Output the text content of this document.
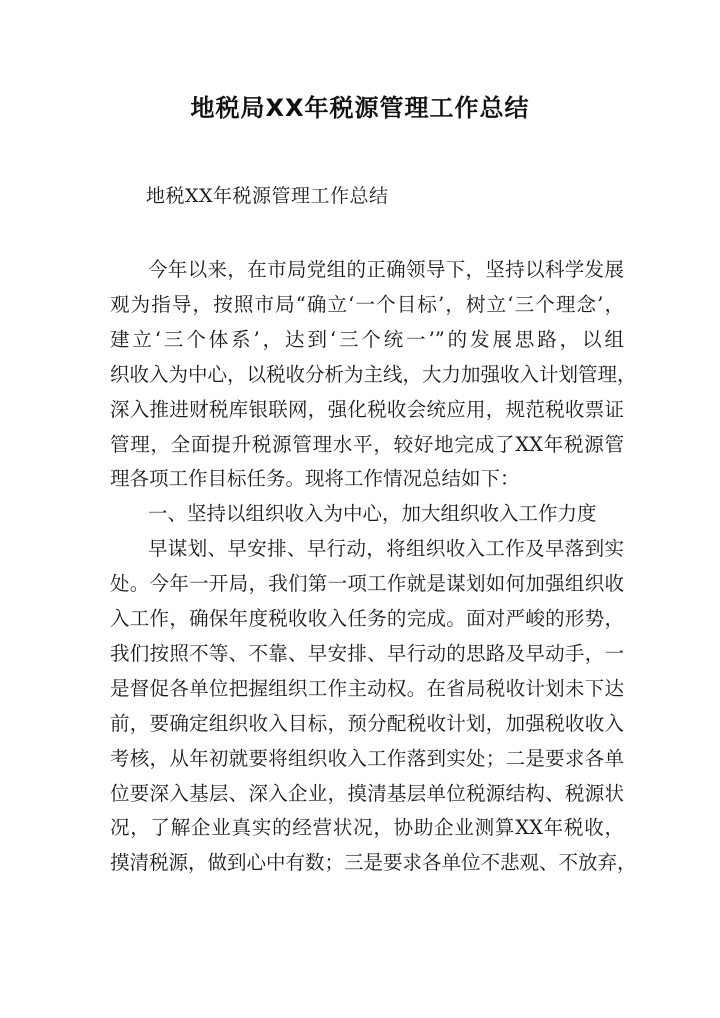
地税局XX年税源管理工作总结
地税XX年税源管理工作总结
今年以来，在市局党组的正确领导下，坚持以科学发展
观为指导，按照市局“确立‘一个目标’，树立‘三个理念’，
建立‘三个体系’，达到‘三个统一’”的发展思路，以组
织收入为中心，以税收分析为主线，大力加强收入计划管理，
深入推进财税库银联网，强化税收会统应用，规范税收票证
管理，全面提升税源管理水平，较好地完成了XX年税源管
理各项工作目标任务。现将工作情况总结如下：
一、坚持以组织收入为中心，加大组织收入工作力度
早谋划、早安排、早行动，将组织收入工作及早落到实
处。今年一开局，我们第一项工作就是谋划如何加强组织收
入工作，确保年度税收收入任务的完成。面对严峻的形势，
我们按照不等、不靠、早安排、早行动的思路及早动手，一
是督促各单位把握组织工作主动权。在省局税收计划未下达
前，要确定组织收入目标，预分配税收计划，加强税收收入
考核，从年初就要将组织收入工作落到实处；二是要求各单
位要深入基层、深入企业，摸清基层单位税源结构、税源状
况，了解企业真实的经营状况，协助企业测算XX年税收，
摸清税源，做到心中有数；三是要求各单位不悲观、不放弃，
